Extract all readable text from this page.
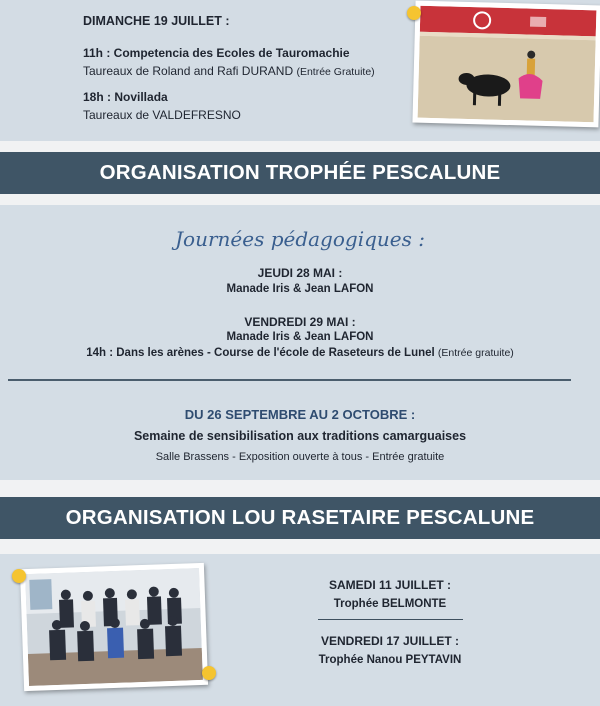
DIMANCHE 19 JUILLET :
11h : Competencia des Ecoles de Tauromachie
Taureaux de Roland and Rafi DURAND (Entrée Gratuite)
18h : Novillada
Taureaux de VALDEFRESNO
ORGANISATION TROPHÉE PESCALUNE
Journées pédagogiques :
JEUDI 28 MAI :
Manade Iris & Jean LAFON
VENDREDI 29 MAI :
Manade Iris & Jean LAFON
14h : Dans les arènes - Course de l'école de Raseteurs de Lunel (Entrée gratuite)
DU 26 SEPTEMBRE AU 2 OCTOBRE :
Semaine de sensibilisation aux traditions camarguaises
Salle Brassens - Exposition ouverte à tous - Entrée gratuite
ORGANISATION LOU RASETAIRE PESCALUNE
SAMEDI 11 JUILLET :
Trophée BELMONTE
VENDREDI 17 JUILLET :
Trophée Nanou PEYTAVIN
